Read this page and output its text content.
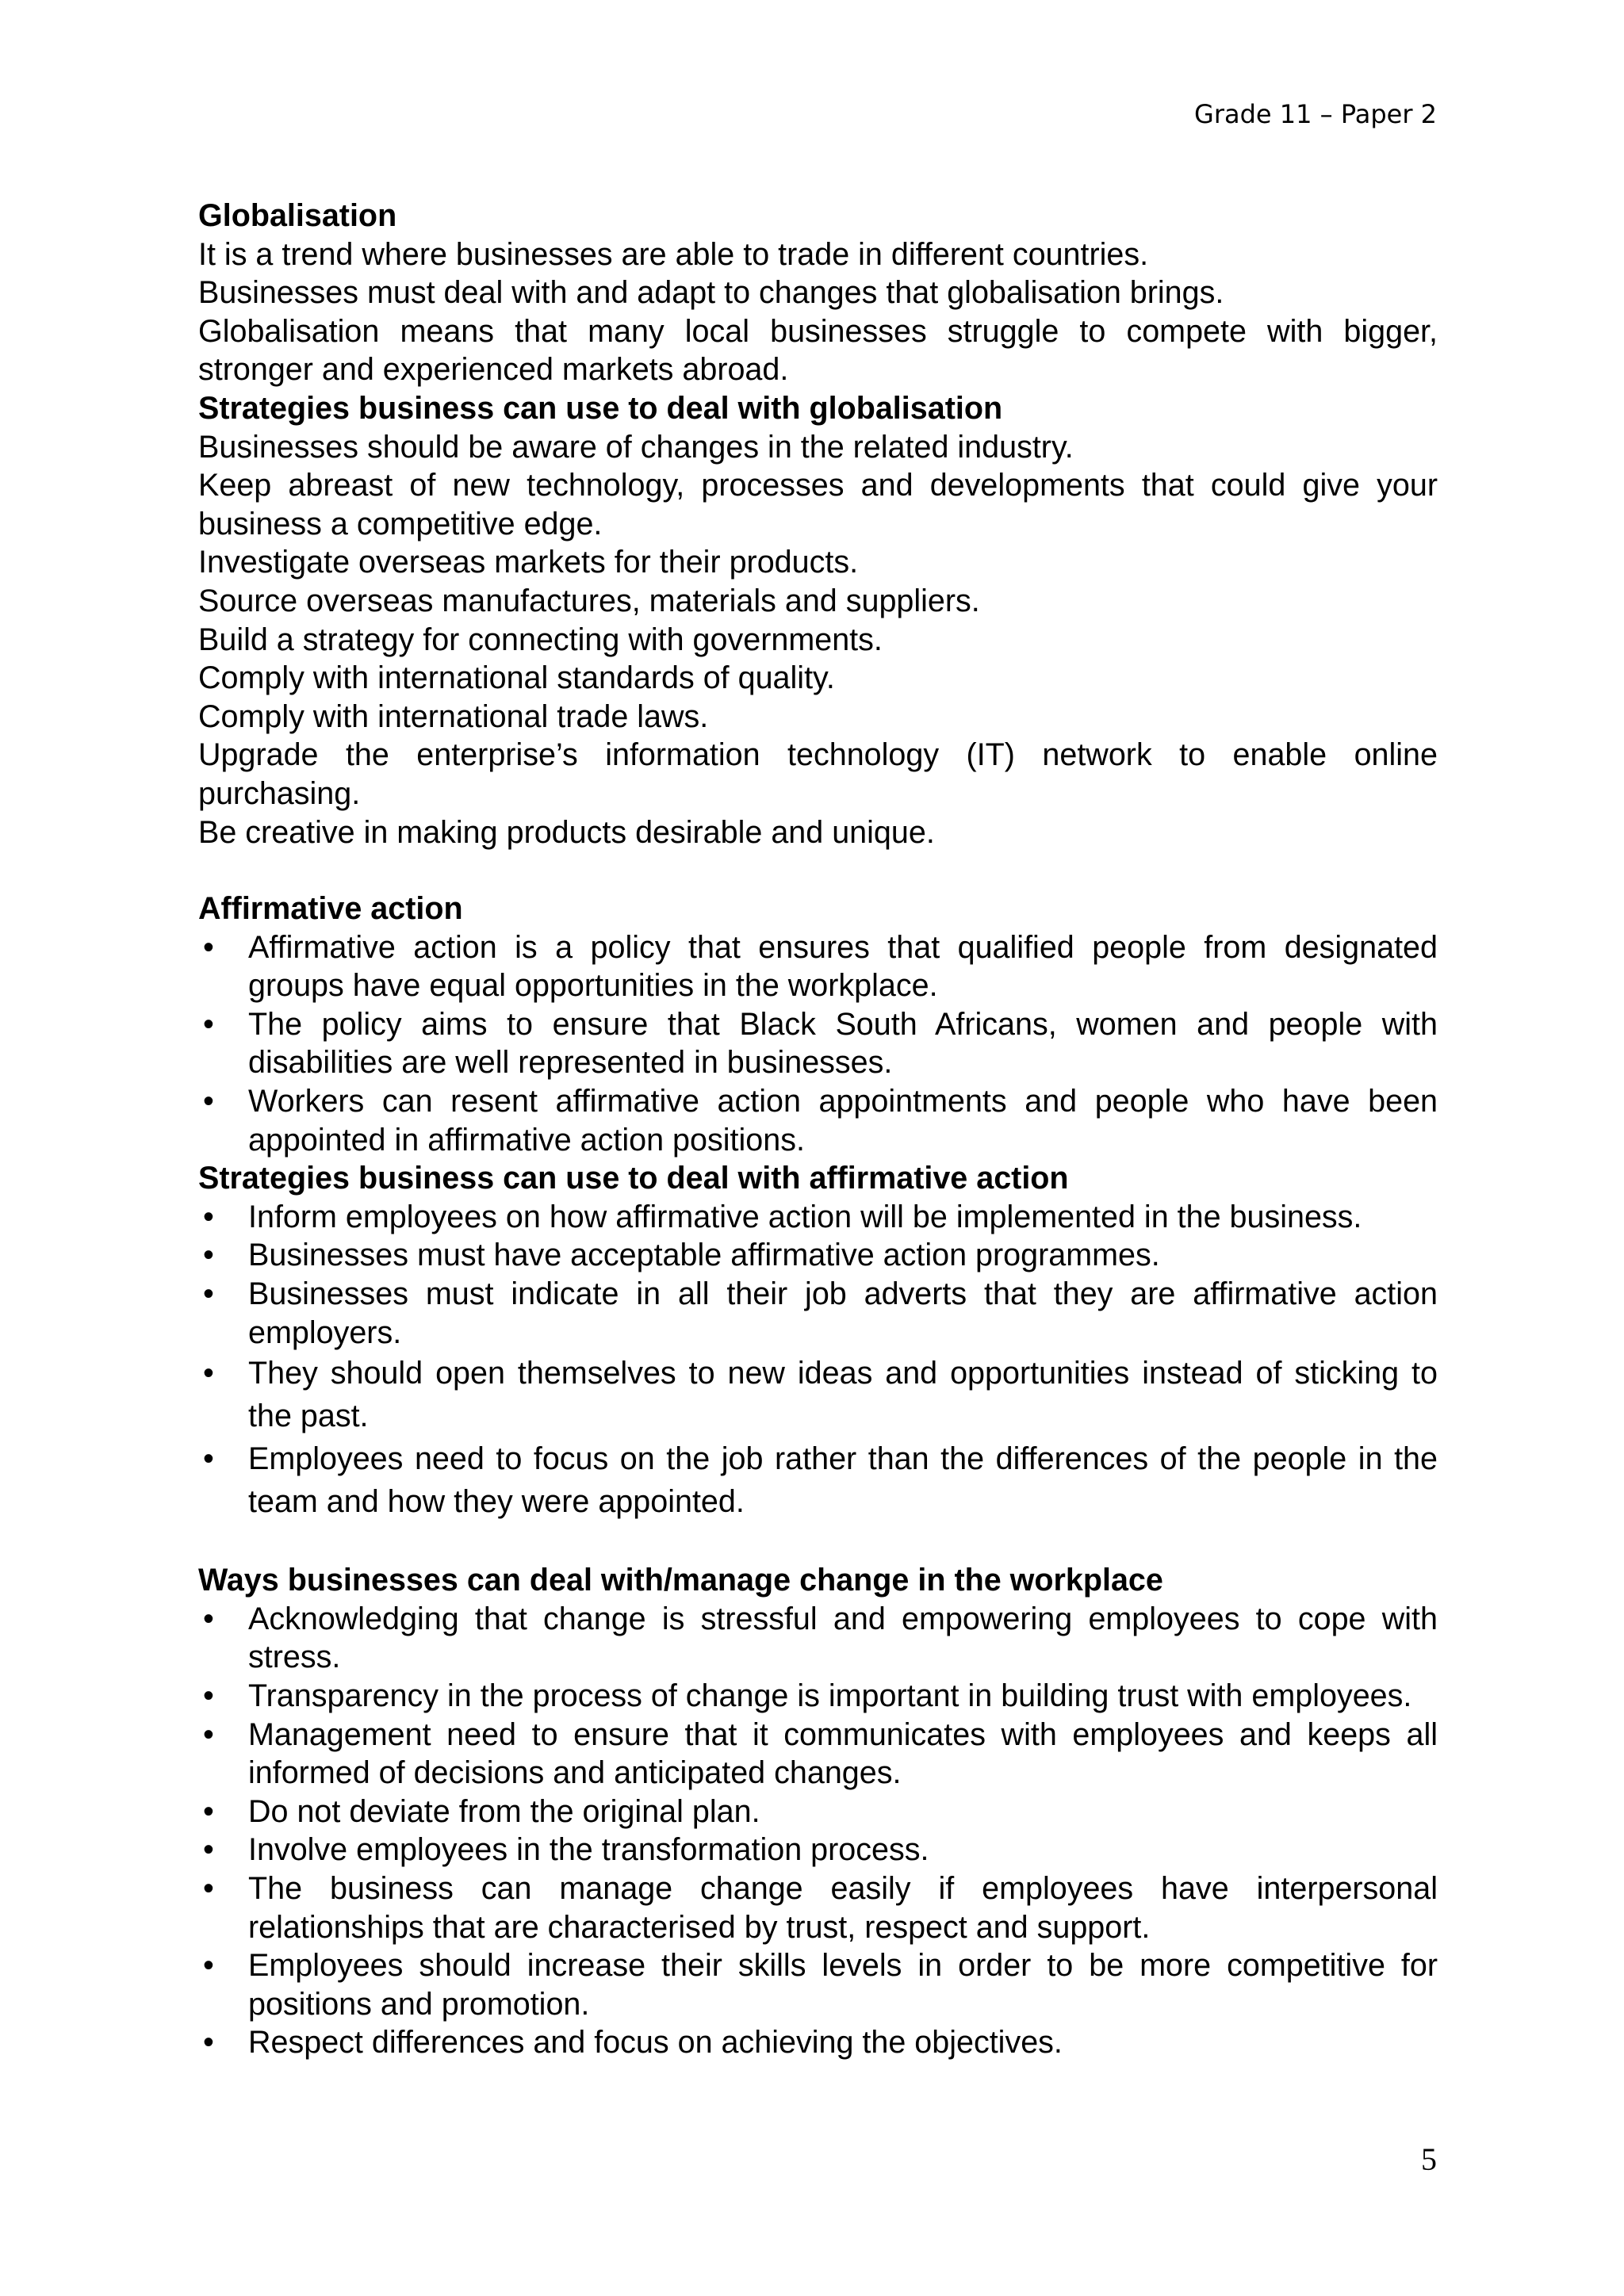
Grade 11 – Paper 2

Globalisation

It is a trend where businesses are able to trade in different countries.

Businesses must deal with and adapt to changes that globalisation brings.

Globalisation means that many local businesses struggle to compete with bigger, stronger and experienced markets abroad.

Strategies business can use to deal with globalisation

Businesses should be aware of changes in the related industry.

Keep abreast of new technology, processes and developments that could give your business a competitive edge.

Investigate overseas markets for their products.

Source overseas manufactures, materials and suppliers.

Build a strategy for connecting with governments.

Comply with international standards of quality.

Comply with international trade laws.

Upgrade the enterprise’s information technology (IT) network to enable online purchasing.

Be creative in making products desirable and unique.

Affirmative action

• Affirmative action is a policy that ensures that qualified people from designated groups have equal opportunities in the workplace.
• The policy aims to ensure that Black South Africans, women and people with disabilities are well represented in businesses.
• Workers can resent affirmative action appointments and people who have been appointed in affirmative action positions.

Strategies business can use to deal with affirmative action

• Inform employees on how affirmative action will be implemented in the business.
• Businesses must have acceptable affirmative action programmes.
• Businesses must indicate in all their job adverts that they are affirmative action employers.
• They should open themselves to new ideas and opportunities instead of sticking to the past.
• Employees need to focus on the job rather than the differences of the people in the team and how they were appointed.

Ways businesses can deal with/manage change in the workplace

• Acknowledging that change is stressful and empowering employees to cope with stress.
• Transparency in the process of change is important in building trust with employees.
• Management need to ensure that it communicates with employees and keeps all informed of decisions and anticipated changes.
• Do not deviate from the original plan.
• Involve employees in the transformation process.
• The business can manage change easily if employees have interpersonal relationships that are characterised by trust, respect and support.
• Employees should increase their skills levels in order to be more competitive for positions and promotion.
• Respect differences and focus on achieving the objectives.
5
